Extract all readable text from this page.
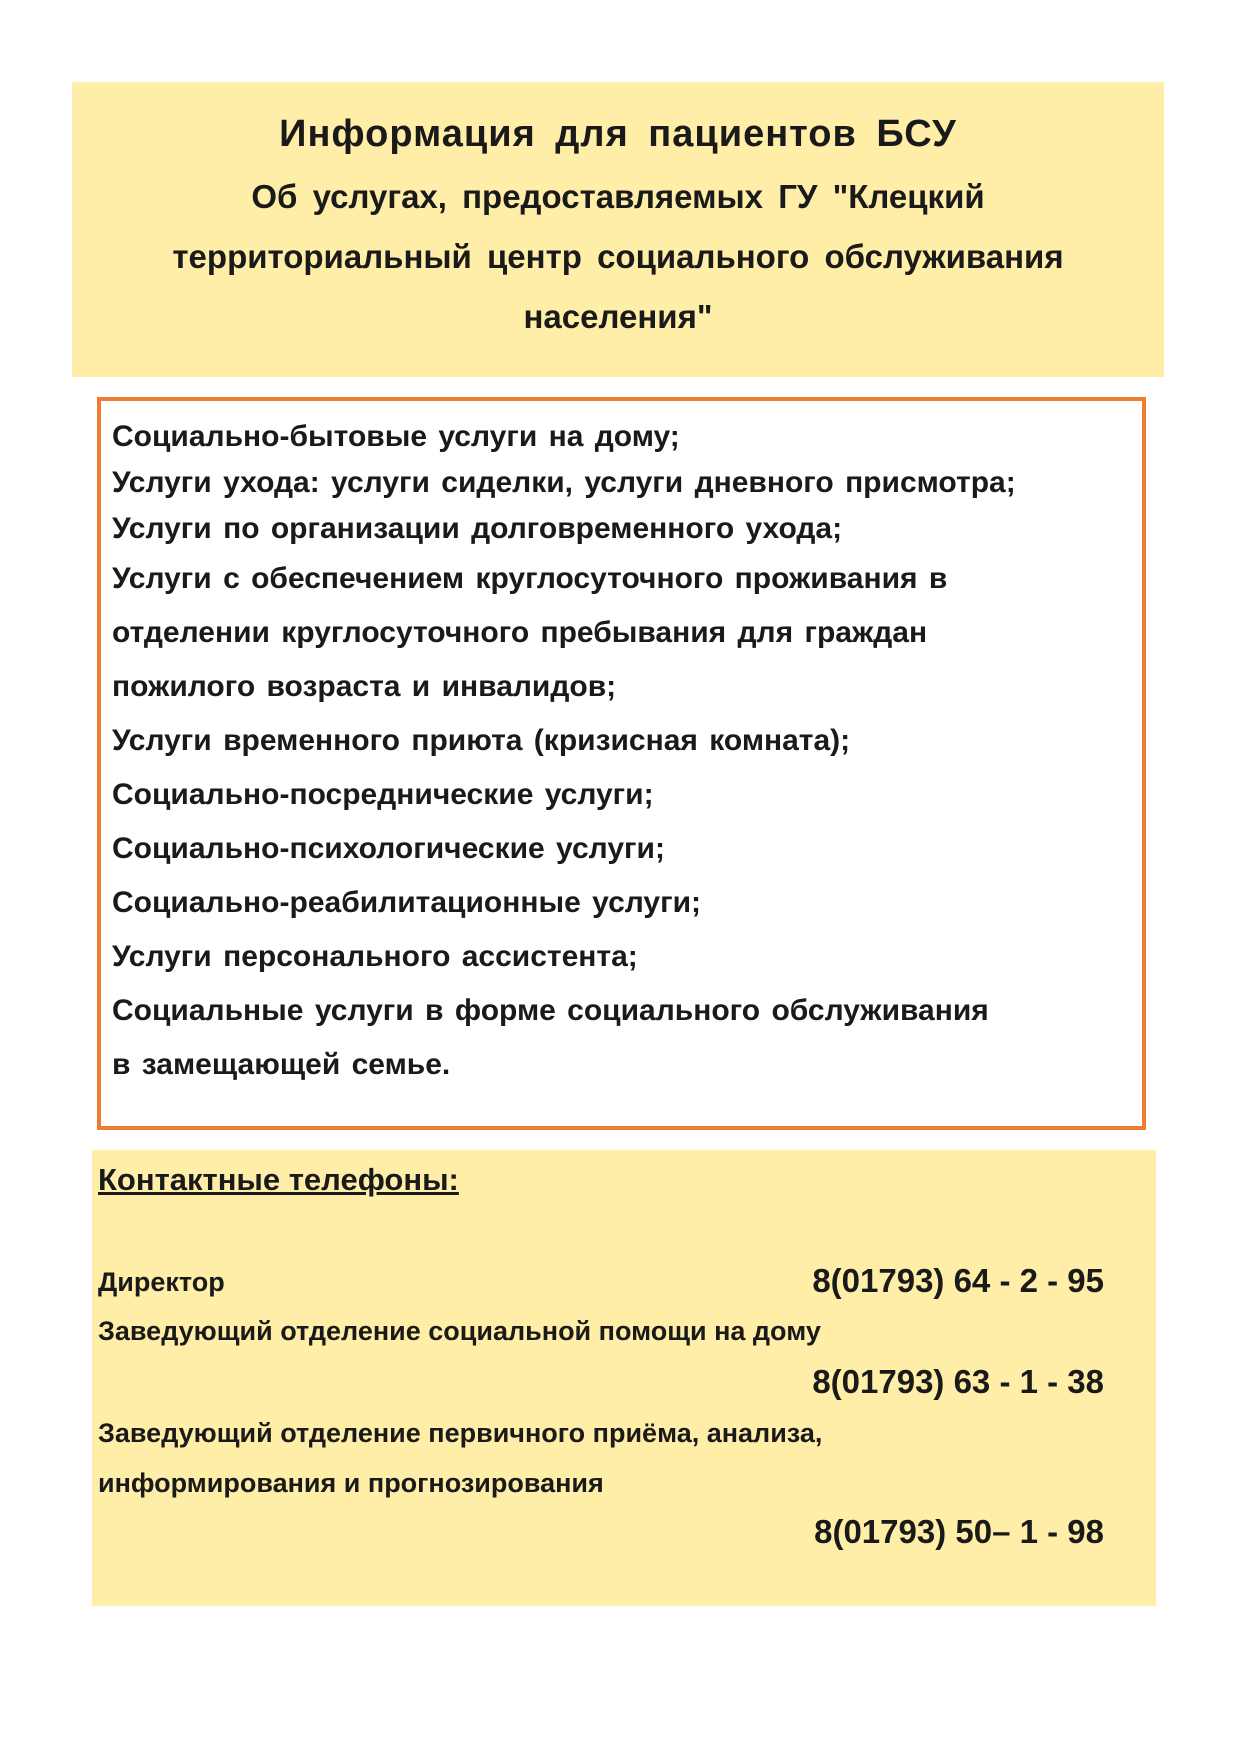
Информация для пациентов БСУ
Об услугах, предоставляемых ГУ "Клецкий территориальный центр социального обслуживания населения"
Социально-бытовые услуги на дому;
Услуги ухода: услуги сиделки, услуги дневного присмотра;
Услуги по организации долговременного ухода;
Услуги с обеспечением круглосуточного проживания в
отделении круглосуточного пребывания для граждан
пожилого возраста и инвалидов;
Услуги временного приюта (кризисная комната);
Социально-посреднические услуги;
Социально-психологические услуги;
Социально-реабилитационные услуги;
Услуги персонального ассистента;
Социальные услуги в форме социального обслуживания
в замещающей семье.
Контактные телефоны:
Директор	8(01793) 64 - 2 - 95
Заведующий отделение социальной помощи на дому
8(01793) 63 - 1 - 38
Заведующий отделение первичного приёма, анализа,
информирования и прогнозирования
8(01793) 50– 1 - 98
